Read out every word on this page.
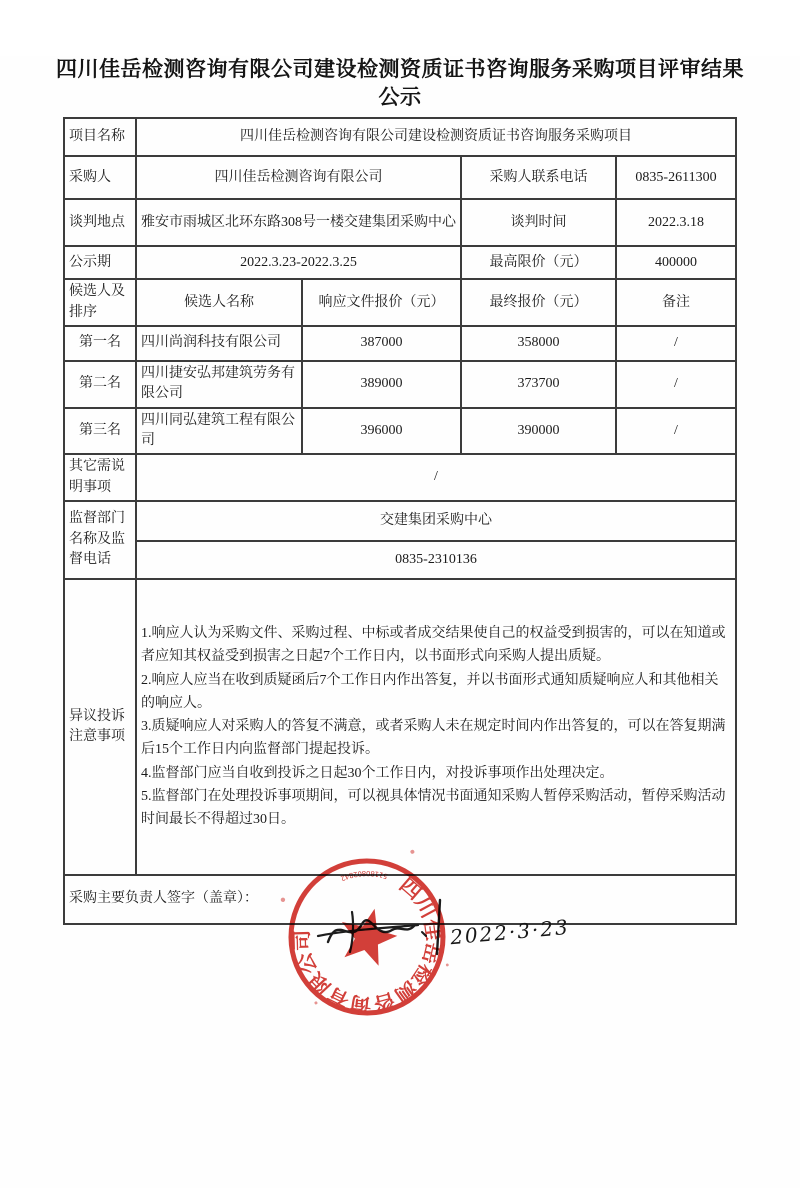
四川佳岳检测咨询有限公司建设检测资质证书咨询服务采购项目评审结果公示
项目名称	四川佳岳检测咨询有限公司建设检测资质证书咨询服务采购项目			
采购人	四川佳岳检测咨询有限公司		采购人联系电话	0835-2611300
谈判地点	雅安市雨城区北环东路308号一楼交建集团采购中心		谈判时间	2022.3.18
公示期	2022.3.23-2022.3.25		最高限价（元）	400000
候选人及排序	候选人名称	响应文件报价（元）	最终报价（元）	备注
第一名	四川尚润科技有限公司	387000	358000	/
第二名	四川捷安弘邦建筑劳务有限公司	389000	373700	/
第三名	四川同弘建筑工程有限公司	396000	390000	/
其它需说明事项	/			
监督部门名称及监督电话	交建集团采购中心			
	0835-2310136			
异议投诉注意事项	1.响应人认为采购文件、采购过程、中标或者成交结果使自己的权益受到损害的，可以在知道或者应知其权益受到损害之日起7个工作日内，以书面形式向采购人提出质疑。
2.响应人应当在收到质疑函后7个工作日内作出答复，并以书面形式通知质疑响应人和其他相关的响应人。
3.质疑响应人对采购人的答复不满意，或者采购人未在规定时间内作出答复的，可以在答复期满后15个工作日内向监督部门提起投诉。
4.监督部门应当自收到投诉之日起30个工作日内，对投诉事项作出处理决定。
5.监督部门在处理投诉事项期间，可以视具体情况书面通知采购人暂停采购活动，暂停采购活动时间最长不得超过30日。			

采购主要负责人签字（盖章）：				
2022·3·23
四川佳岳检测咨询有限公司
51180802842
